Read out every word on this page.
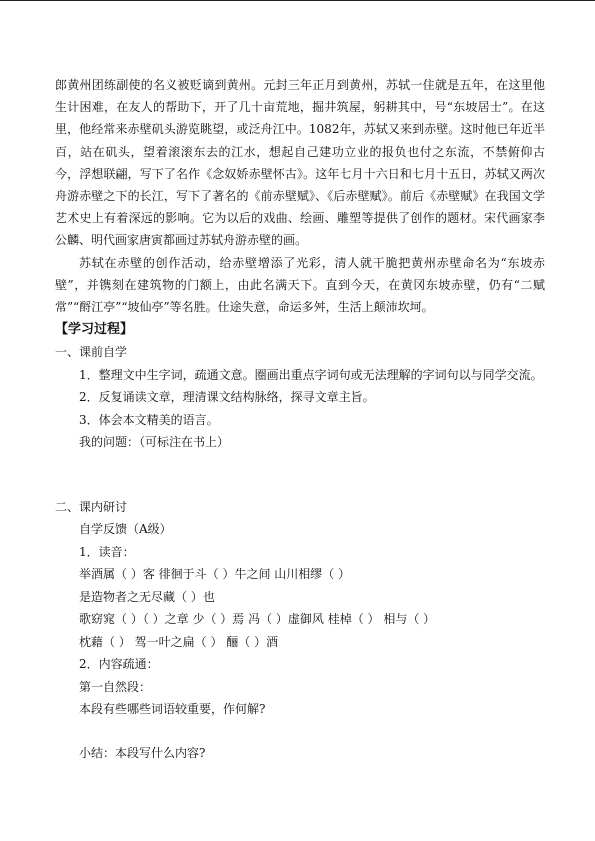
郎黄州团练副使的名义被贬谪到黄州。元封三年正月到黄州，苏轼一住就是五年，在这里他生计困难，在友人的帮助下，开了几十亩荒地，掘井筑屋，躬耕其中，号“东坡居士”。在这里，他经常来赤壁矶头游览眺望，或泛舟江中。1082年，苏轼又来到赤壁。这时他已年近半百，站在矶头，望着滚滚东去的江水，想起自己建功立业的报负也付之东流，不禁俯仰古今，浮想联翩，写下了名作《念奴娇赤壁怀古》。这年七月十六日和七月十五日，苏轼又两次舟游赤壁之下的长江，写下了著名的《前赤壁赋》、《后赤壁赋》。前后《赤壁赋》在我国文学艺术史上有着深远的影响。它为以后的戏曲、绘画、雕塑等提供了创作的题材。宋代画家李公麟、明代画家唐寅都画过苏轼舟游赤壁的画。

苏轼在赤壁的创作活动，给赤壁增添了光彩，清人就干脆把黄州赤壁命名为“东坡赤壁”，并镌刻在建筑物的门额上，由此名满天下。直到今天，在黄冈东坡赤壁，仍有“二赋常”“酹江亭”“坡仙亭”等名胜。仕途失意，命运多舛，生活上颠沛坎坷。

【学习过程】

一、课前自学

1．整理文中生字词，疏通文意。圈画出重点字词句或无法理解的字词句以与同学交流。

2．反复诵读文章，理清课文结构脉络，探寻文章主旨。

3．体会本文精美的语言。

我的问题：（可标注在书上）

二、课内研讨

自学反馈（A级）

1．读音：

举酒属（ ）客 徘徊于斗（ ）牛之间 山川相缪（ ）

是造物者之无尽藏（ ）也

歌窈窕（ ）（ ）之章 少（ ）焉 冯（ ）虚御风 桂棹（ ） 相与（ ）

枕藉（ ） 驾一叶之扁（ ） 酾（ ）酒

2．内容疏通：

第一自然段：

本段有些哪些词语较重要，作何解?

小结：本段写什么内容?
